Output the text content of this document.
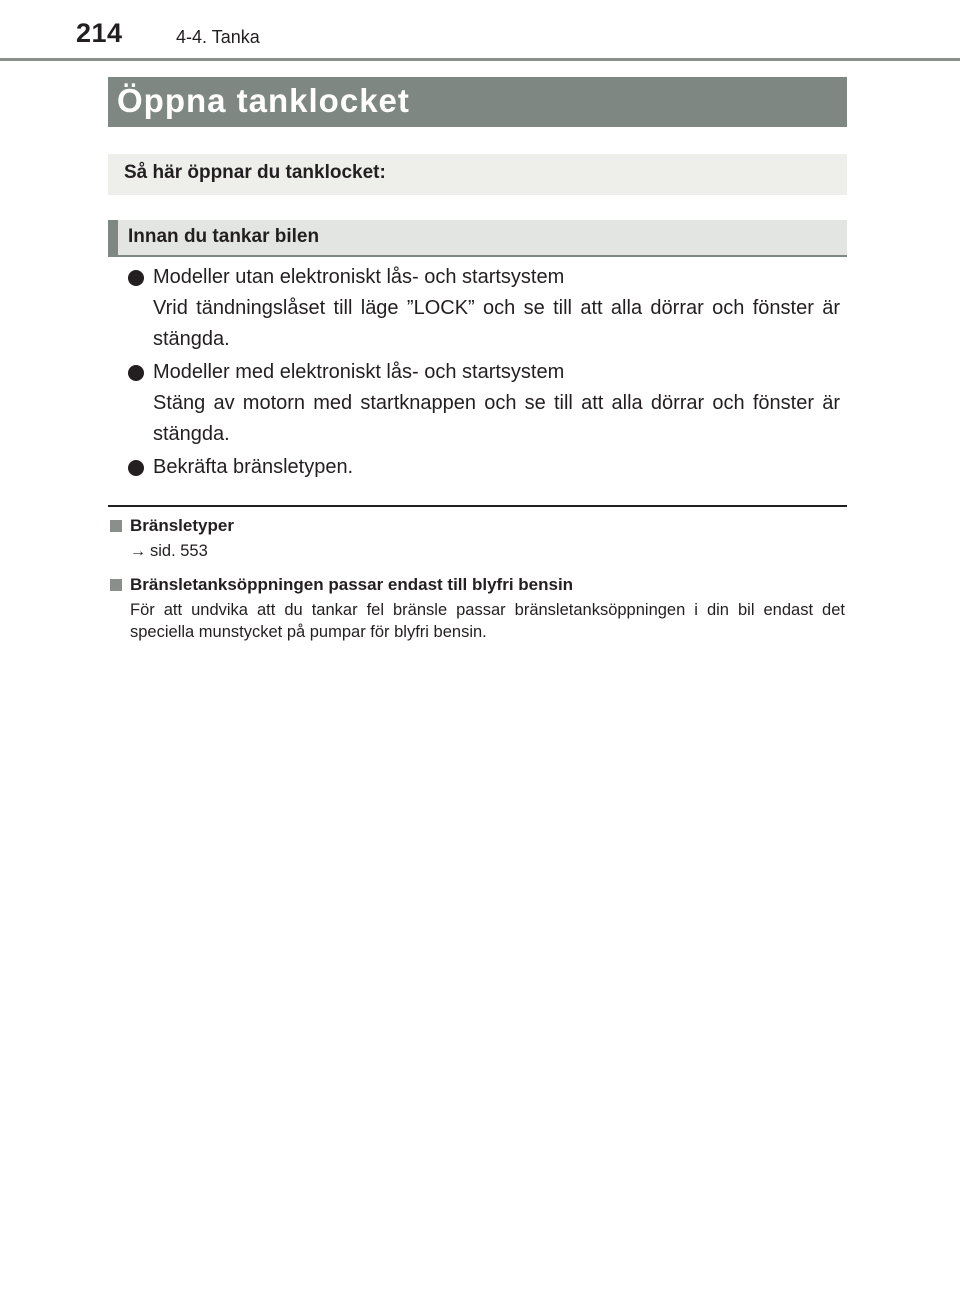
214	4-4. Tanka
Öppna tanklocket
Så här öppnar du tanklocket:
Innan du tankar bilen
Modeller utan elektroniskt lås- och startsystem
Vrid tändningslåset till läge ”LOCK” och se till att alla dörrar och fönster är stängda.
Modeller med elektroniskt lås- och startsystem
Stäng av motorn med startknappen och se till att alla dörrar och fönster är stängda.
Bekräfta bränsletypen.
Bränsletyper
→ sid. 553
Bränsletanksöppningen passar endast till blyfri bensin
För att undvika att du tankar fel bränsle passar bränsletanksöppningen i din bil endast det speciella munstycket på pumpar för blyfri bensin.
